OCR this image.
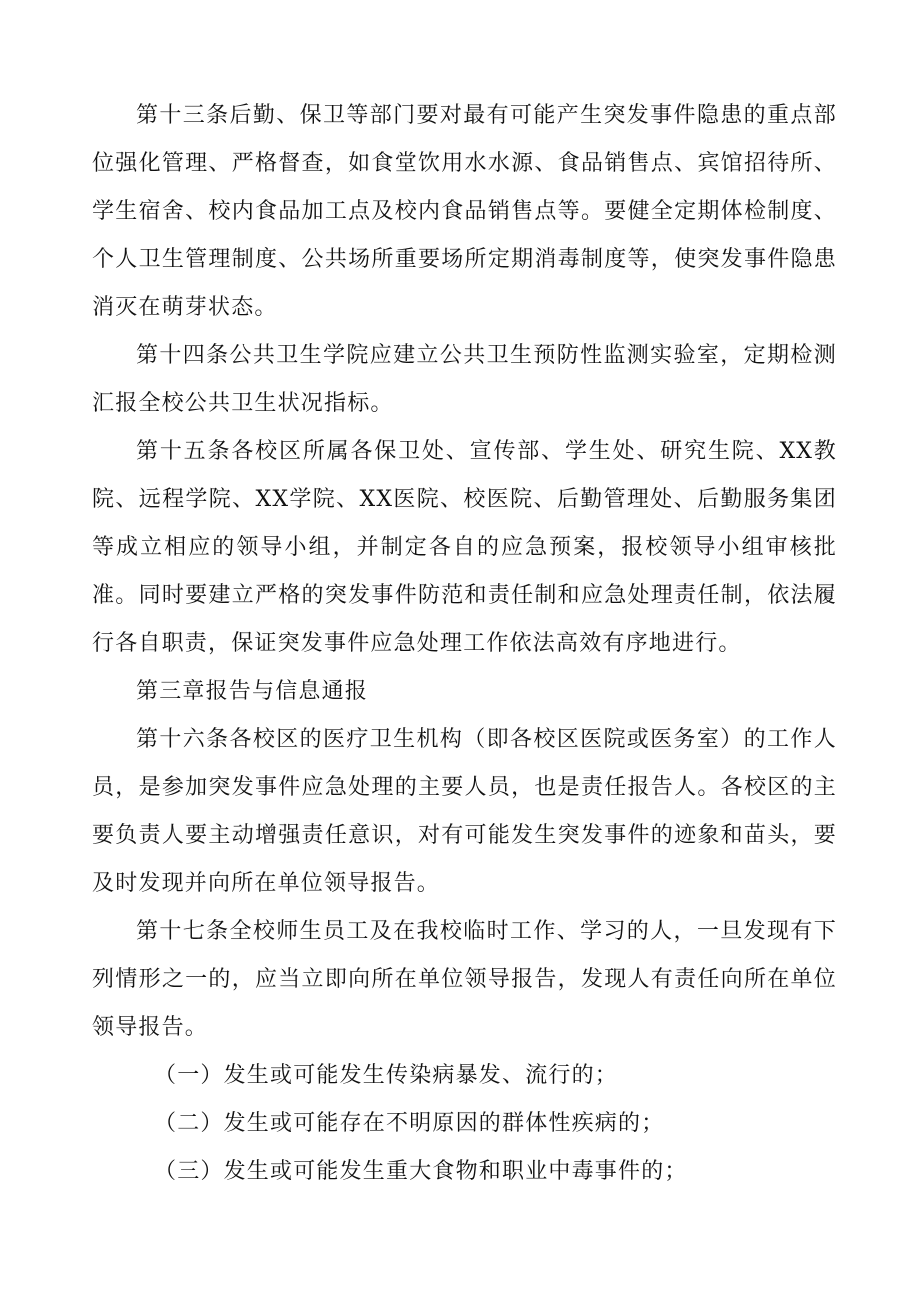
第十三条后勤、保卫等部门要对最有可能产生突发事件隐患的重点部位强化管理、严格督查，如食堂饮用水水源、食品销售点、宾馆招待所、学生宿舍、校内食品加工点及校内食品销售点等。要健全定期体检制度、个人卫生管理制度、公共场所重要场所定期消毒制度等，使突发事件隐患消灭在萌芽状态。

第十四条公共卫生学院应建立公共卫生预防性监测实验室，定期检测汇报全校公共卫生状况指标。

第十五条各校区所属各保卫处、宣传部、学生处、研究生院、XX教院、远程学院、XX学院、XX医院、校医院、后勤管理处、后勤服务集团等成立相应的领导小组，并制定各自的应急预案，报校领导小组审核批准。同时要建立严格的突发事件防范和责任制和应急处理责任制，依法履行各自职责，保证突发事件应急处理工作依法高效有序地进行。

第三章报告与信息通报

第十六条各校区的医疗卫生机构（即各校区医院或医务室）的工作人员，是参加突发事件应急处理的主要人员，也是责任报告人。各校区的主要负责人要主动增强责任意识，对有可能发生突发事件的迹象和苗头，要及时发现并向所在单位领导报告。

第十七条全校师生员工及在我校临时工作、学习的人，一旦发现有下列情形之一的，应当立即向所在单位领导报告，发现人有责任向所在单位领导报告。

（一）发生或可能发生传染病暴发、流行的；

（二）发生或可能存在不明原因的群体性疾病的；

（三）发生或可能发生重大食物和职业中毒事件的；
